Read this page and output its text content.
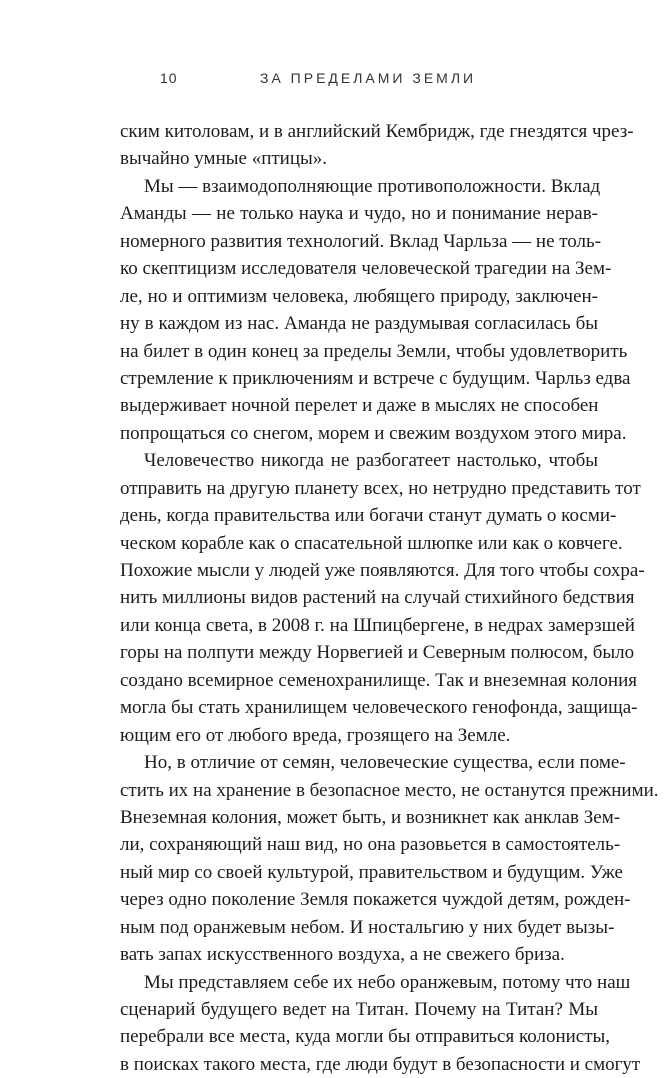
10	ЗА ПРЕДЕЛАМИ ЗЕМЛИ
ским китоловам, и в английский Кембридж, где гнездятся чрез-
вычайно умные «птицы».
Мы — взаимодополняющие противоположности. Вклад
Аманды — не только наука и чудо, но и понимание нерав-
номерного развития технологий. Вклад Чарльза — не толь-
ко скептицизм исследователя человеческой трагедии на Зем-
ле, но и оптимизм человека, любящего природу, заключен-
ну в каждом из нас. Аманда не раздумывая согласилась бы
на билет в один конец за пределы Земли, чтобы удовлетворить
стремление к приключениям и встрече с будущим. Чарльз едва
выдерживает ночной перелет и даже в мыслях не способен
попрощаться со снегом, морем и свежим воздухом этого мира.
Человечество никогда не разбогатеет настолько, чтобы
отправить на другую планету всех, но нетрудно представить тот
день, когда правительства или богачи станут думать о косми-
ческом корабле как о спасательной шлюпке или как о ковчеге.
Похожие мысли у людей уже появляются. Для того чтобы сохра-
нить миллионы видов растений на случай стихийного бедствия
или конца света, в 2008 г. на Шпицбергене, в недрах замерзшей
горы на полпути между Норвегией и Северным полюсом, было
создано всемирное семенохранилище. Так и внеземная колония
могла бы стать хранилищем человеческого генофонда, защища-
ющим его от любого вреда, грозящего на Земле.
Но, в отличие от семян, человеческие существа, если помe-
стить их на хранение в безопасное место, не останутся прежними.
Внеземная колония, может быть, и возникнет как анклав Зем-
ли, сохраняющий наш вид, но она разовьется в самостоятель-
ный мир со своей культурой, правительством и будущим. Уже
через одно поколение Земля покажется чуждой детям, рожден-
ным под оранжевым небом. И ностальгию у них будет вызы-
вать запах искусственного воздуха, а не свежего бриза.
Мы представляем себе их небо оранжевым, потому что наш
сценарий будущего ведет на Титан. Почему на Титан? Мы
перебрали все места, куда могли бы отправиться колонисты,
в поисках такого места, где люди будут в безопасности и смогут
